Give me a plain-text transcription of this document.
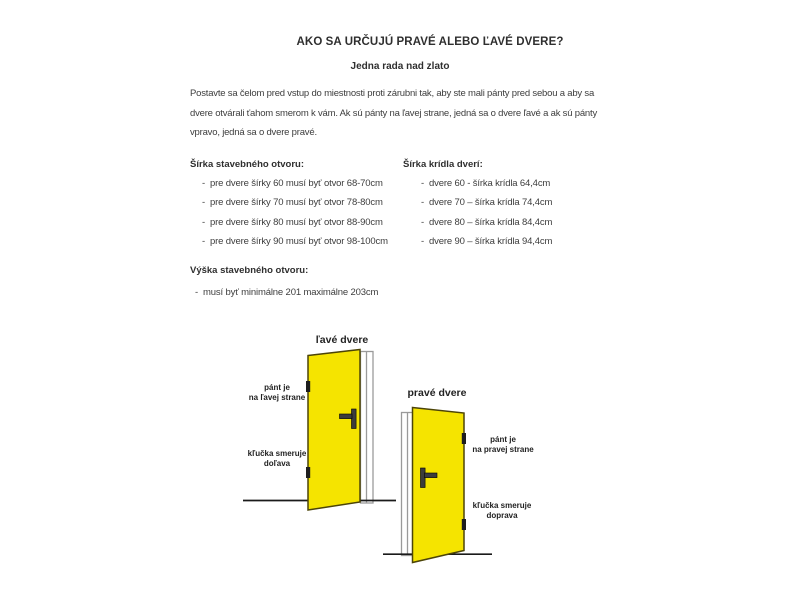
AKO SA URČUJÚ PRAVÉ ALEBO ĽAVÉ DVERE?
Jedna rada nad zlato
Postavte sa čelom pred vstup do miestnosti proti zárubni tak, aby ste mali pánty pred sebou a aby sa
dvere otvárali ťahom smerom k vám. Ak sú pánty na ľavej strane, jedná sa o dvere ľavé a ak sú pánty
vpravo, jedná sa o dvere pravé.
Šírka stavebného otvoru:
- pre dvere šírky 60 musí byť otvor 68-70cm
- pre dvere šírky 70 musí byť otvor 78-80cm
- pre dvere šírky 80 musí byť otvor 88-90cm
- pre dvere šírky 90 musí byť otvor 98-100cm
Šírka krídla dverí:
- dvere 60 - šírka krídla 64,4cm
- dvere 70 – šírka krídla 74,4cm
- dvere 80 – šírka krídla 84,4cm
- dvere 90 – šírka krídla 94,4cm
Výška stavebného otvoru:
- musí byť minimálne 201 maximálne 203cm
ľavé dvere
pravé dvere
pánt je
na ľavej strane
kľučka smeruje
doľava
pánt je
na pravej strane
kľučka smeruje
doprava
